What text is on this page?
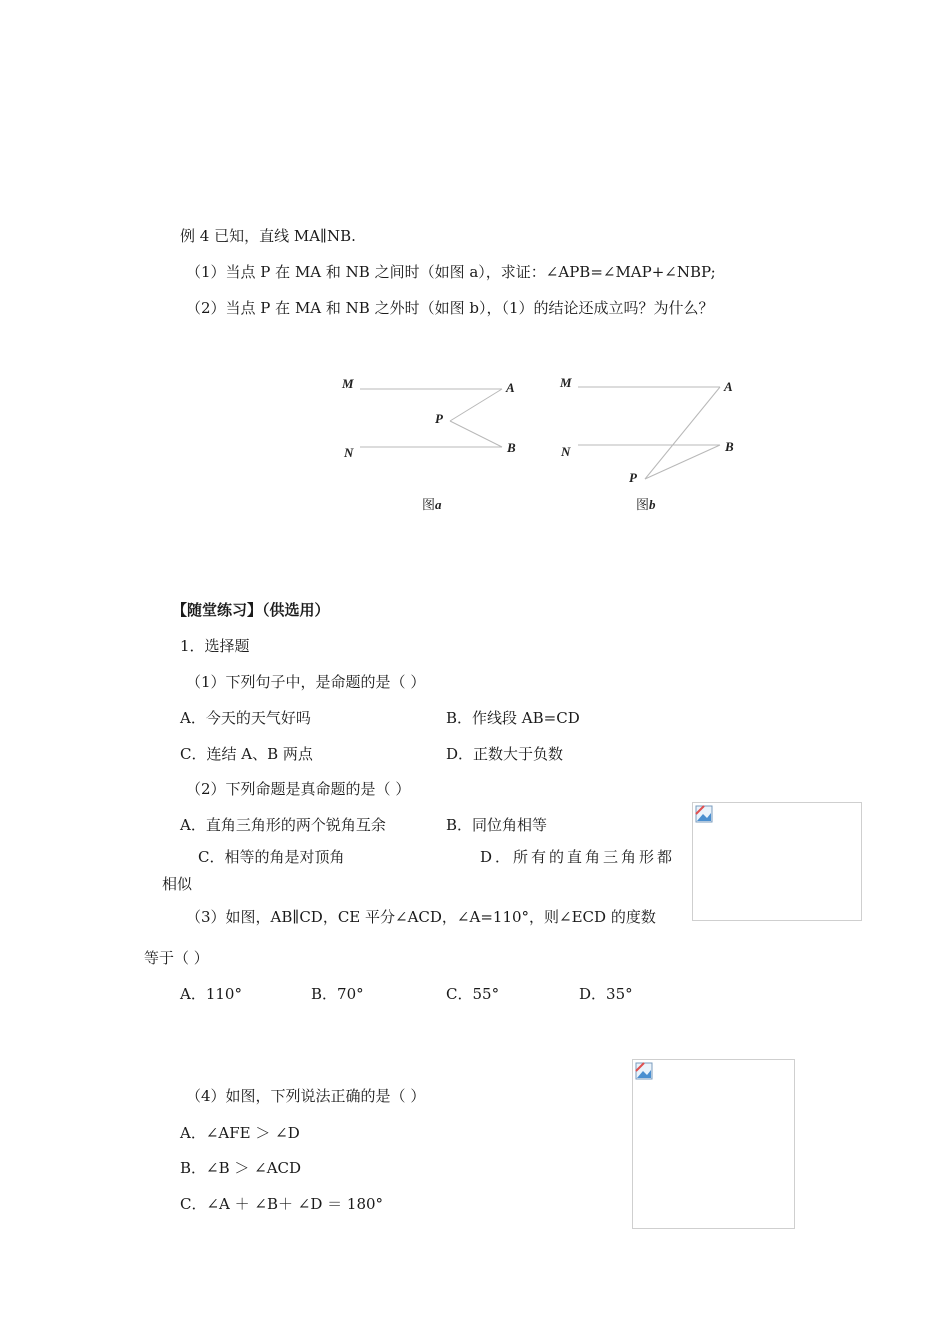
例 4 已知，直线 MA∥NB.
（1）当点 P 在 MA 和 NB 之间时（如图 a），求证：∠APB=∠MAP+∠NBP;
（2）当点 P 在 MA 和 NB 之外时（如图 b），（1）的结论还成立吗？为什么？
M	A
P
N	B
图a
M	A
N	B
P
图b
【随堂练习】（供选用）
1．选择题
（1）下列句子中，是命题的是（ ）
A．今天的天气好吗	B．作线段 AB=CD
C．连结 A、B 两点	D．正数大于负数
（2）下列命题是真命题的是（ ）
A．直角三角形的两个锐角互余	B．同位角相等
C．相等的角是对顶角	D．所有的直角三角形都
相似
（3）如图，AB∥CD，CE 平分∠ACD，∠A=110°，则∠ECD 的度数
等于（ ）
A．110°	B．70°	C．55°	D．35°
（4）如图，下列说法正确的是（ ）
A．∠AFE ＞ ∠D
B．∠B ＞ ∠ACD
C．∠A ＋ ∠B＋ ∠D ＝ 180°
